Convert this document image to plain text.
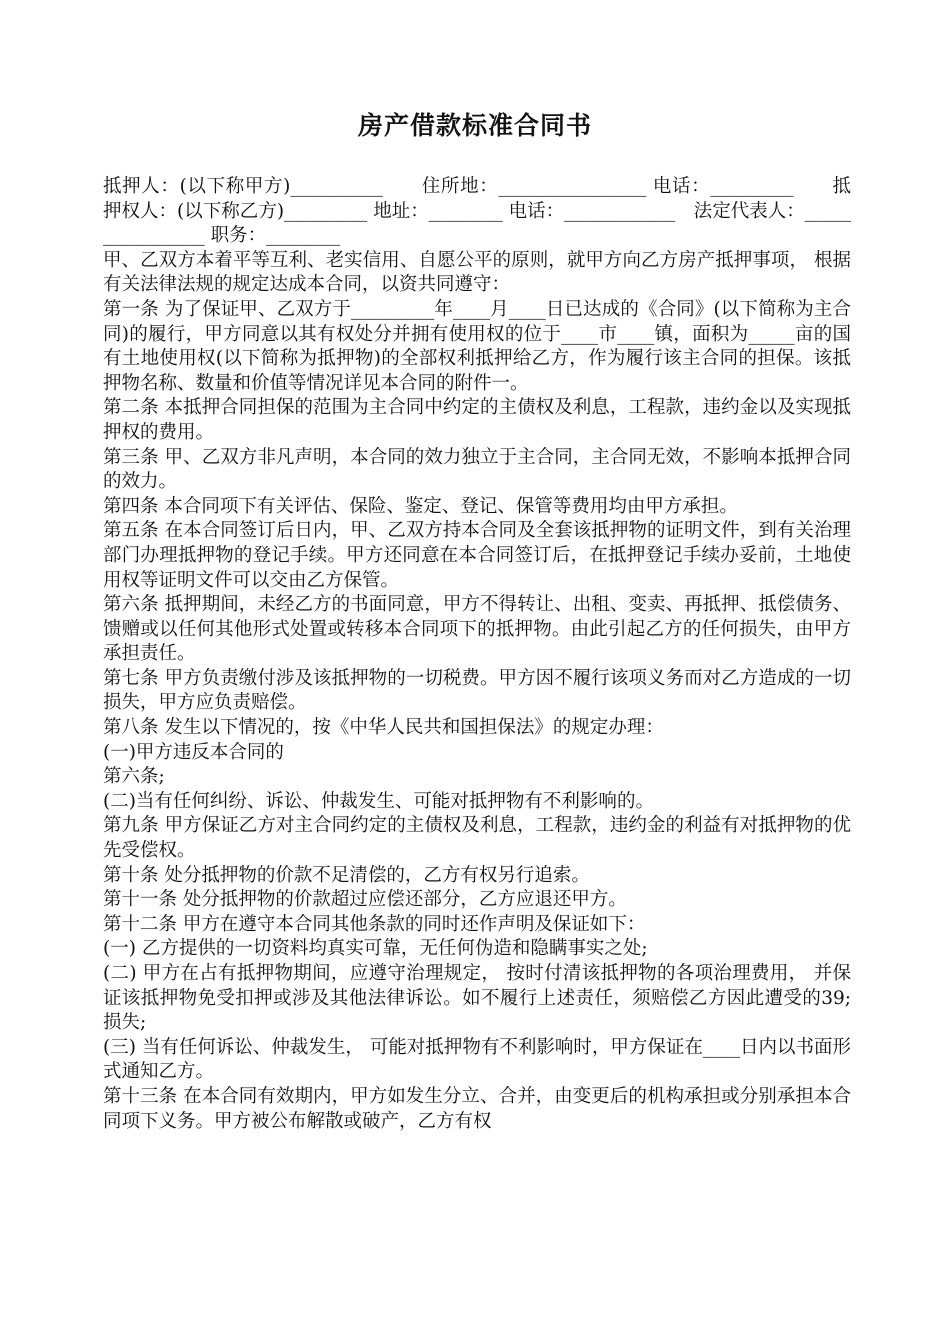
房产借款标准合同书

抵押人：(以下称甲方)__________　　住所地：________________ 电话：_________　　抵押权人：(以下称乙方)_________ 地址：________ 电话：____________　法定代表人：________________ 职务：________

甲、乙双方本着平等互利、老实信用、自愿公平的原则，就甲方向乙方房产抵押事项， 根据有关法律法规的规定达成本合同，以资共同遵守：

第一条 为了保证甲、乙双方于_________年____月____日已达成的《合同》(以下简称为主合同)的履行，甲方同意以其有权处分并拥有使用权的位于____市____镇，面积为_____亩的国有土地使用权(以下简称为抵押物)的全部权利抵押给乙方，作为履行该主合同的担保。该抵押物名称、数量和价值等情况详见本合同的附件一。

第二条 本抵押合同担保的范围为主合同中约定的主债权及利息，工程款，违约金以及实现抵押权的费用。

第三条 甲、乙双方非凡声明，本合同的效力独立于主合同，主合同无效，不影响本抵押合同的效力。

第四条 本合同项下有关评估、保险、鉴定、登记、保管等费用均由甲方承担。

第五条 在本合同签订后日内，甲、乙双方持本合同及全套该抵押物的证明文件，到有关治理部门办理抵押物的登记手续。甲方还同意在本合同签订后，在抵押登记手续办妥前，土地使用权等证明文件可以交由乙方保管。

第六条 抵押期间，未经乙方的书面同意，甲方不得转让、出租、变卖、再抵押、抵偿债务、馈赠或以任何其他形式处置或转移本合同项下的抵押物。由此引起乙方的任何损失，由甲方承担责任。

第七条 甲方负责缴付涉及该抵押物的一切税费。甲方因不履行该项义务而对乙方造成的一切损失，甲方应负责赔偿。

第八条 发生以下情况的，按《中华人民共和国担保法》的规定办理：

(一)甲方违反本合同的

第六条;

(二)当有任何纠纷、诉讼、仲裁发生、可能对抵押物有不利影响的。

第九条 甲方保证乙方对主合同约定的主债权及利息，工程款，违约金的利益有对抵押物的优先受偿权。

第十条 处分抵押物的价款不足清偿的，乙方有权另行追索。

第十一条 处分抵押物的价款超过应偿还部分，乙方应退还甲方。

第十二条 甲方在遵守本合同其他条款的同时还作声明及保证如下：

(一) 乙方提供的一切资料均真实可靠，无任何伪造和隐瞒事实之处;

(二) 甲方在占有抵押物期间，应遵守治理规定， 按时付清该抵押物的各项治理费用， 并保证该抵押物免受扣押或涉及其他法律诉讼。如不履行上述责任，须赔偿乙方因此遭受的39;损失;

(三) 当有任何诉讼、仲裁发生， 可能对抵押物有不利影响时，甲方保证在____日内以书面形式通知乙方。

第十三条 在本合同有效期内，甲方如发生分立、合并，由变更后的机构承担或分别承担本合同项下义务。甲方被公布解散或破产，乙方有权
